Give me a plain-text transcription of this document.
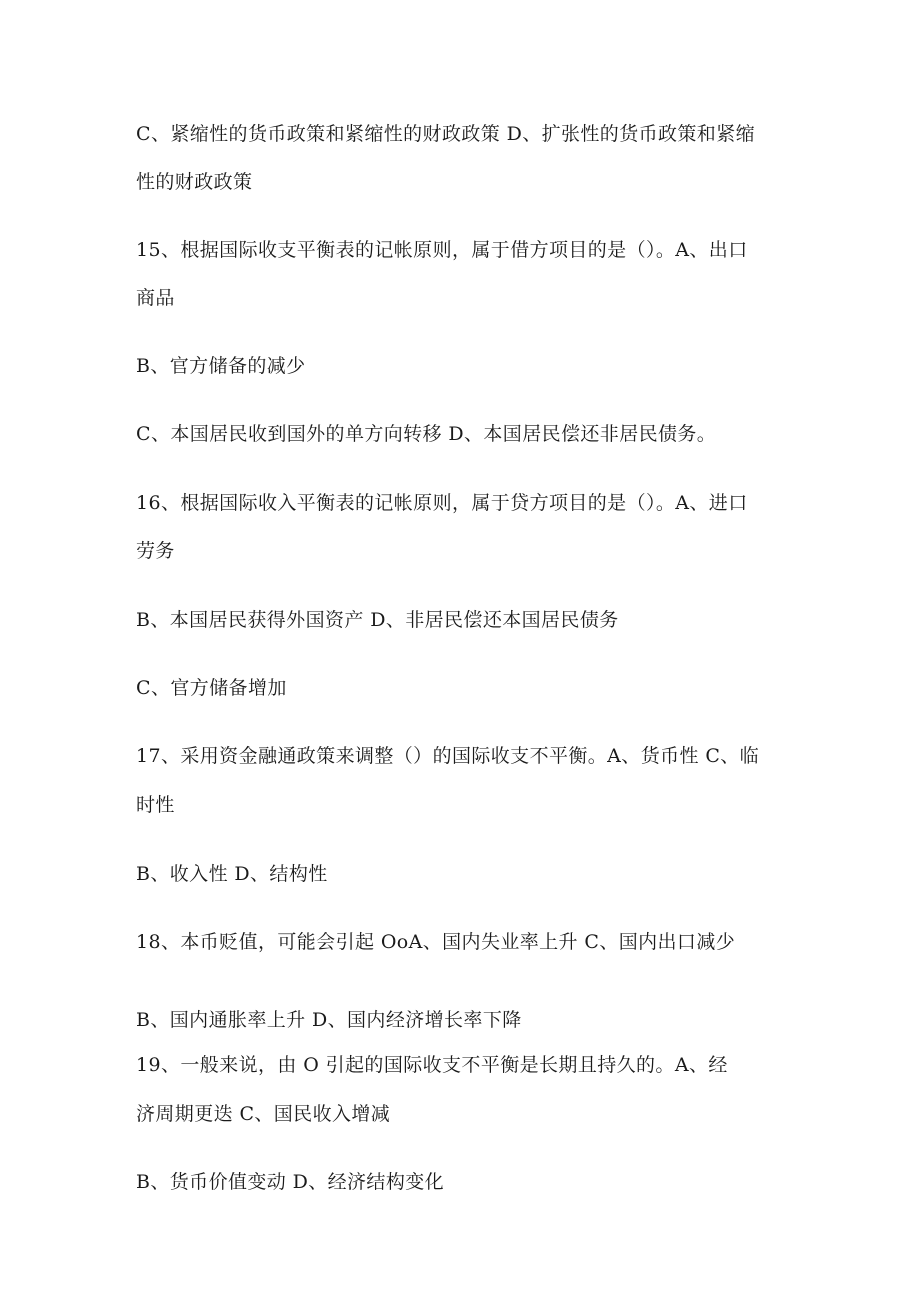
C、紧缩性的货币政策和紧缩性的财政政策 D、扩张性的货币政策和紧缩

性的财政政策

15、根据国际收支平衡表的记帐原则，属于借方项目的是（）。A、出口

商品

B、官方储备的减少

C、本国居民收到国外的单方向转移 D、本国居民偿还非居民债务。

16、根据国际收入平衡表的记帐原则，属于贷方项目的是（）。A、进口

劳务

B、本国居民获得外国资产 D、非居民偿还本国居民债务

C、官方储备增加

17、采用资金融通政策来调整（）的国际收支不平衡。A、货币性 C、临

时性

B、收入性 D、结构性

18、本币贬值，可能会引起 OoA、国内失业率上升 C、国内出口减少

B、国内通胀率上升 D、国内经济增长率下降

19、一般来说，由 O 引起的国际收支不平衡是长期且持久的。A、经

济周期更迭 C、国民收入增减

B、货币价值变动 D、经济结构变化
